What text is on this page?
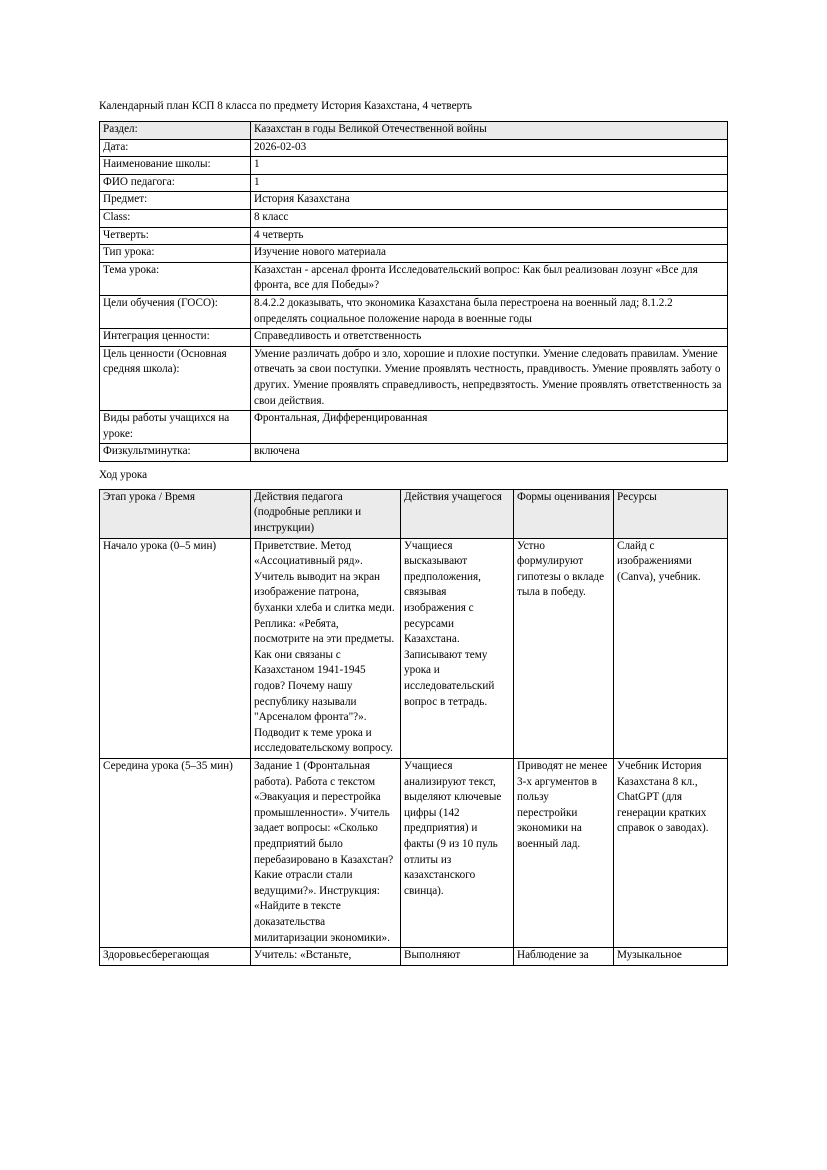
Календарный план КСП 8 класса по предмету История Казахстана, 4 четверть
Раздел:	Казахстан в годы Великой Отечественной войны
Дата:	2026-02-03
Наименование школы:	1
ФИО педагога:	1
Предмет:	История Казахстана
Class:	8 класс
Четверть:	4 четверть
Тип урока:	Изучение нового материала
Тема урока:	Казахстан - арсенал фронта Исследовательский вопрос: Как был реализован лозунг «Все для фронта, все для Победы»?
Цели обучения (ГОСО):	8.4.2.2 доказывать, что экономика Казахстана была перестроена на военный лад; 8.1.2.2 определять социальное положение народа в военные годы
Интеграция ценности:	Справедливость и ответственность
Цель ценности (Основная средняя школа):	Умение различать добро и зло, хорошие и плохие поступки. Умение следовать правилам. Умение отвечать за свои поступки. Умение проявлять честность, правдивость. Умение проявлять заботу о других. Умение проявлять справедливость, непредвзятость. Умение проявлять ответственность за свои действия.
Виды работы учащихся на уроке:	Фронтальная, Дифференцированная
Физкультминутка:	включена
Ход урока
Этап урока / Время	Действия педагога (подробные реплики и инструкции)	Действия учащегося	Формы оценивания	Ресурсы
Начало урока (0–5 мин)	Приветствие. Метод «Ассоциативный ряд». Учитель выводит на экран изображение патрона, буханки хлеба и слитка меди. Реплика: «Ребята, посмотрите на эти предметы. Как они связаны с Казахстаном 1941-1945 годов? Почему нашу республику называли "Арсеналом фронта"?». Подводит к теме урока и исследовательскому вопросу.	Учащиеся высказывают предположения, связывая изображения с ресурсами Казахстана. Записывают тему урока и исследовательский вопрос в тетрадь.	Устно формулируют гипотезы о вкладе тыла в победу.	Слайд с изображениями (Canva), учебник.
Середина урока (5–35 мин)	Задание 1 (Фронтальная работа). Работа с текстом «Эвакуация и перестройка промышленности». Учитель задает вопросы: «Сколько предприятий было перебазировано в Казахстан? Какие отрасли стали ведущими?». Инструкция: «Найдите в тексте доказательства милитаризации экономики».	Учащиеся анализируют текст, выделяют ключевые цифры (142 предприятия) и факты (9 из 10 пуль отлиты из казахстанского свинца).	Приводят не менее 3-х аргументов в пользу перестройки экономики на военный лад.	Учебник История Казахстана 8 кл., ChatGPT (для генерации кратких справок о заводах).
Здоровьесберегающая	Учитель: «Встаньте,	Выполняют	Наблюдение за	Музыкальное
